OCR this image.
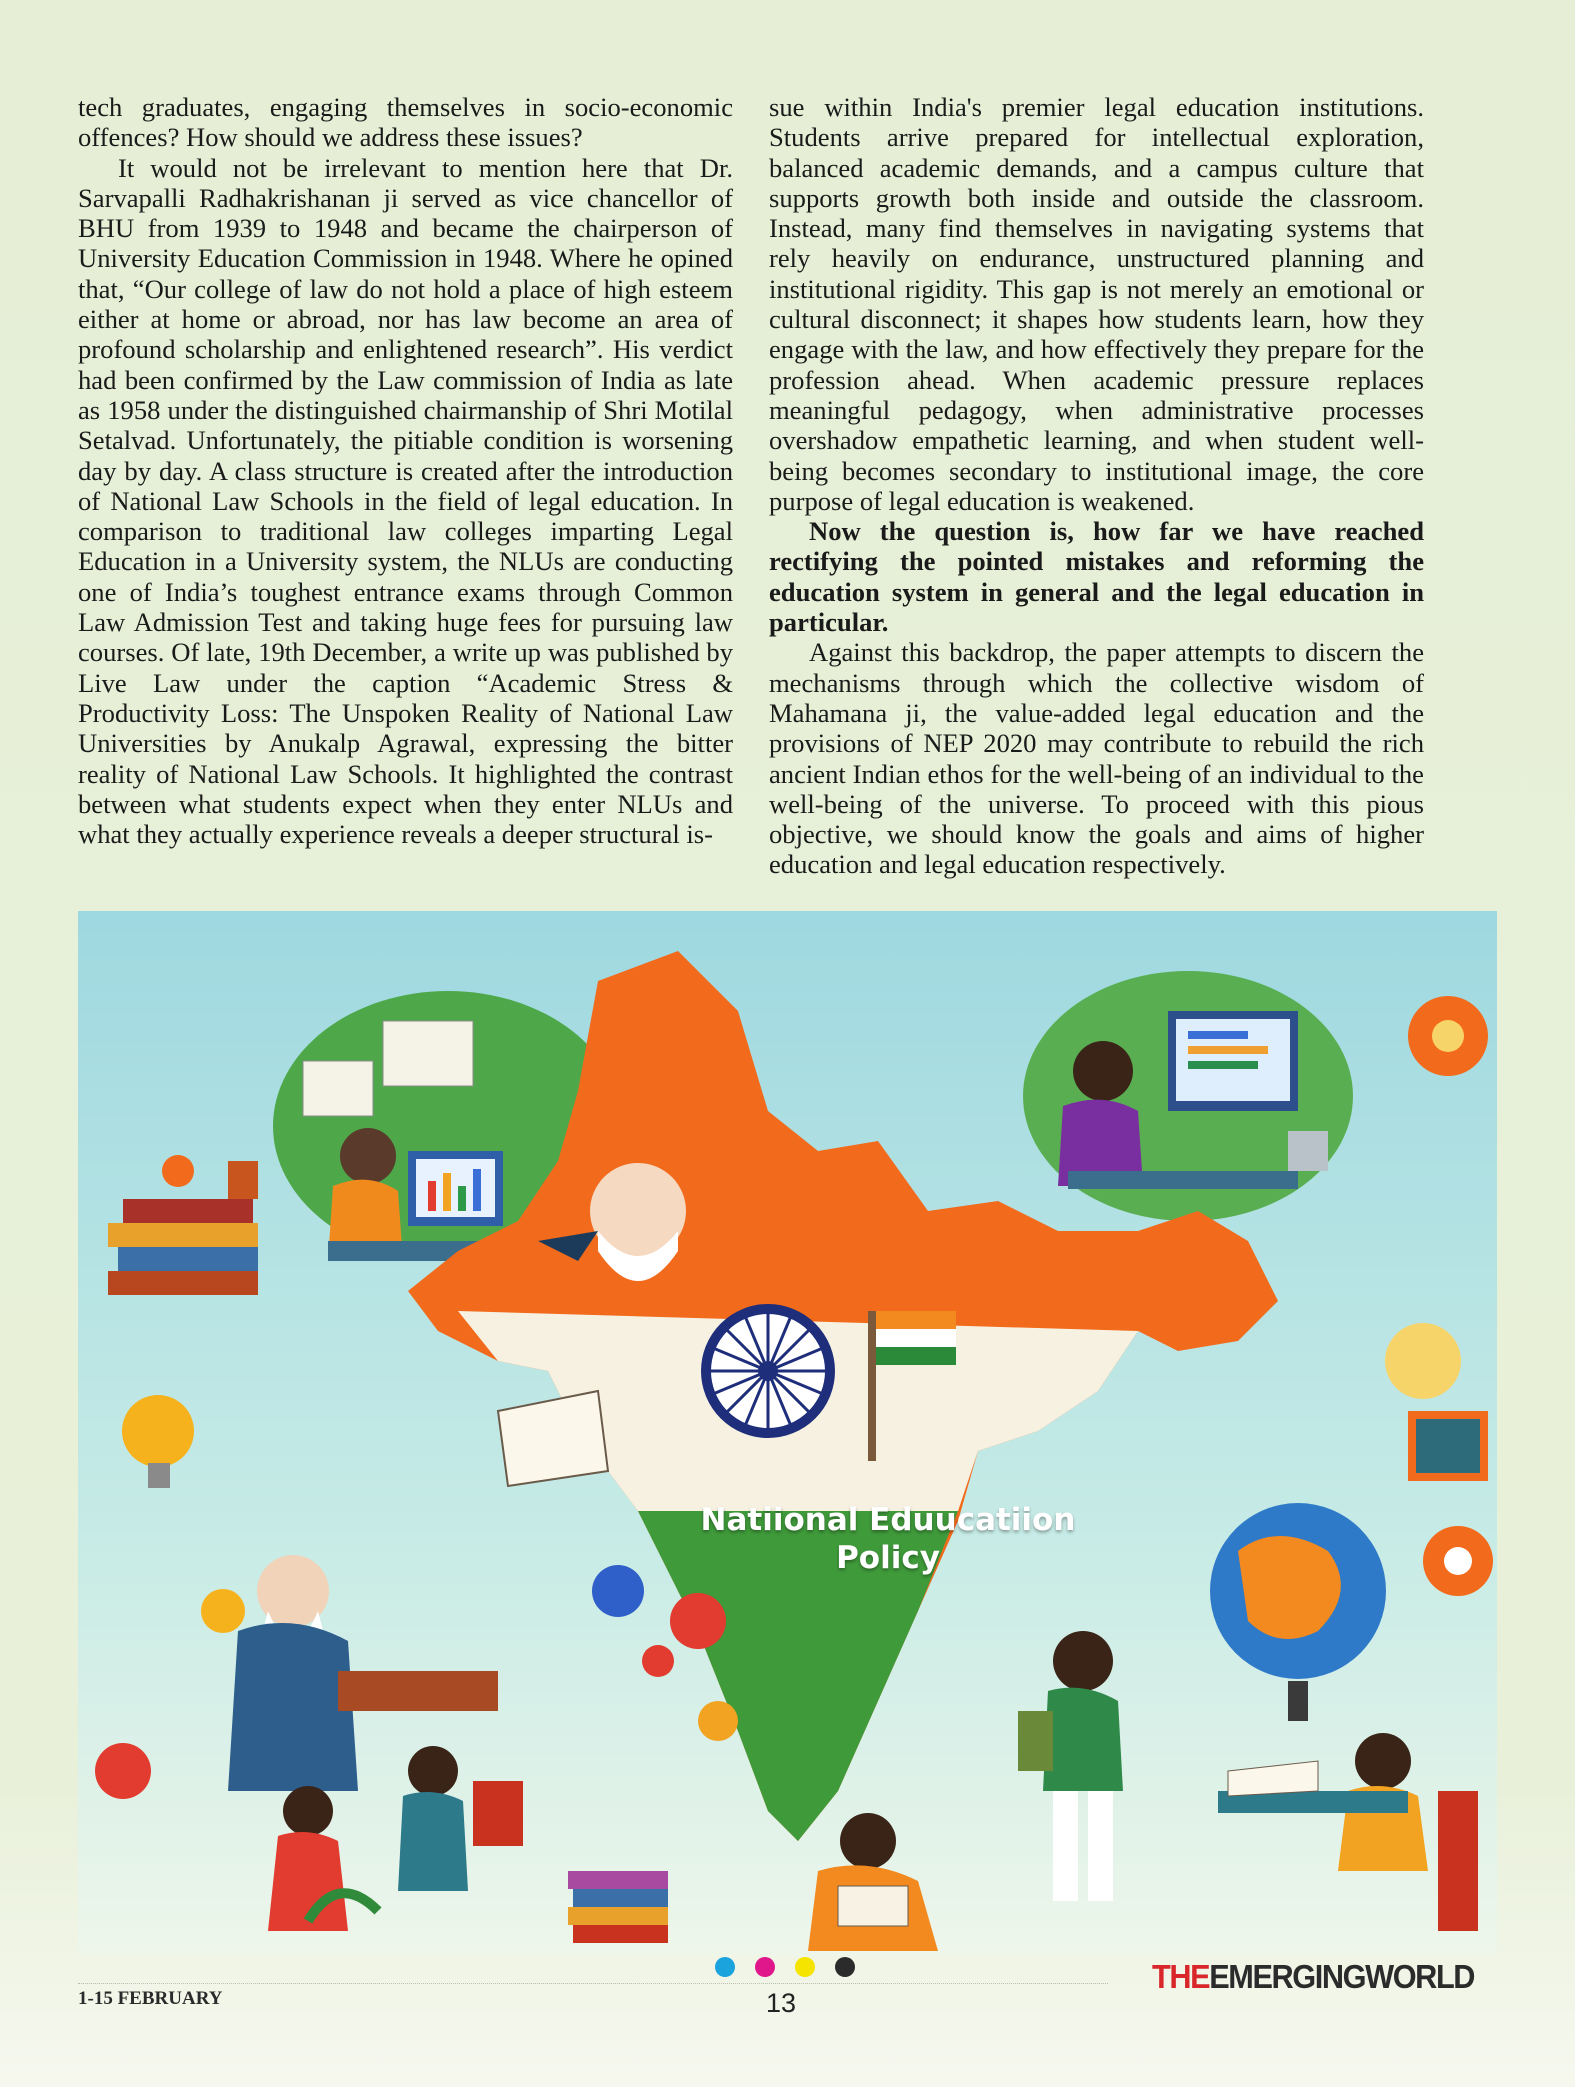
tech graduates, engaging themselves in socio-economic offences? How should we address these issues?

It would not be irrelevant to mention here that Dr. Sarvapalli Radhakrishanan ji served as vice chancellor of BHU from 1939 to 1948 and became the chairperson of University Education Commission in 1948. Where he opined that, “Our college of law do not hold a place of high esteem either at home or abroad, nor has law become an area of profound scholarship and enlightened research”. His verdict had been confirmed by the Law commission of India as late as 1958 under the distinguished chairmanship of Shri Motilal Setalvad. Unfortunately, the pitiable condition is worsening day by day. A class structure is created after the introduction of National Law Schools in the field of legal education. In comparison to traditional law colleges imparting Legal Education in a University system, the NLUs are conducting one of India’s toughest entrance exams through Common Law Admission Test and taking huge fees for pursuing law courses. Of late, 19th December, a write up was published by Live Law under the caption “Academic Stress & Productivity Loss: The Unspoken Reality of National Law Universities by Anukalp Agrawal, expressing the bitter reality of National Law Schools. It highlighted the contrast between what students expect when they enter NLUs and what they actually experience reveals a deeper structural is-

sue within India's premier legal education institutions. Students arrive prepared for intellectual exploration, balanced academic demands, and a campus culture that supports growth both inside and outside the classroom. Instead, many find themselves in navigating systems that rely heavily on endurance, unstructured planning and institutional rigidity. This gap is not merely an emotional or cultural disconnect; it shapes how students learn, how they engage with the law, and how effectively they prepare for the profession ahead. When academic pressure replaces meaningful pedagogy, when administrative processes overshadow empathetic learning, and when student well-being becomes secondary to institutional image, the core purpose of legal education is weakened.

Now the question is, how far we have reached rectifying the pointed mistakes and reforming the education system in general and the legal education in particular.

Against this backdrop, the paper attempts to discern the mechanisms through which the collective wisdom of Mahamana ji, the value-added legal education and the provisions of NEP 2020 may contribute to rebuild the rich ancient Indian ethos for the well-being of an individual to the well-being of the universe. To proceed with this pious objective, we should know the goals and aims of higher education and legal education respectively.

Natiional Eduucatiion
Policy
1-15 FEBRUARY	13
THEEMERGINGWORLD
